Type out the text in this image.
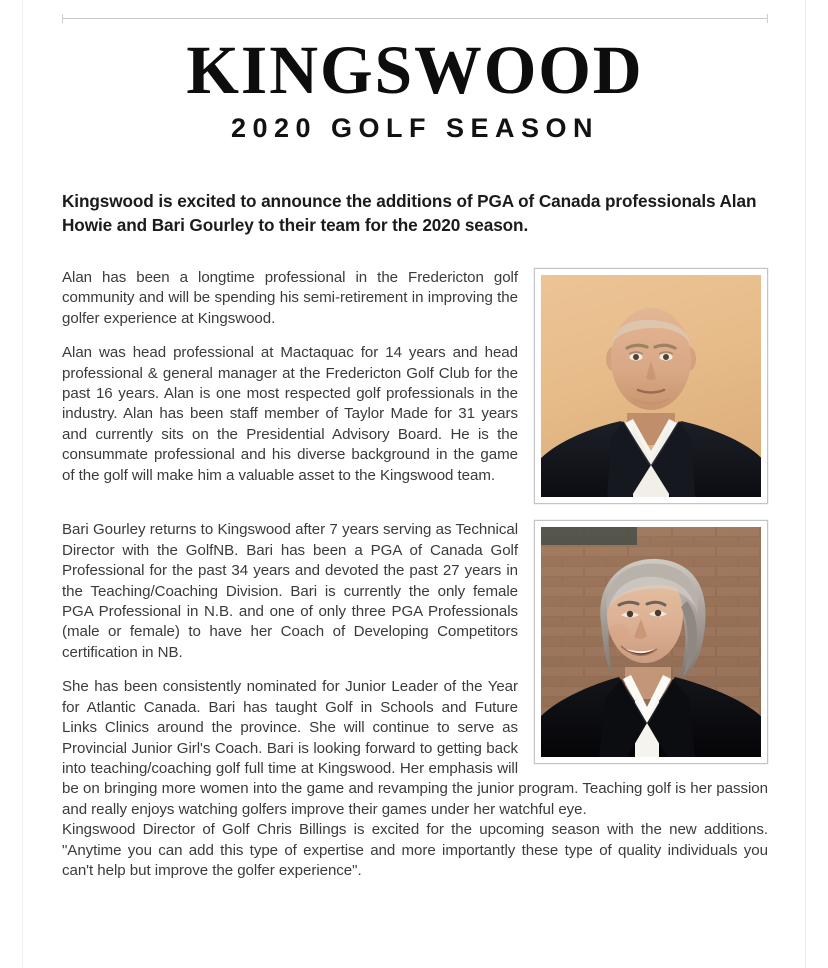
KINGSWOOD
2020 GOLF SEASON

Kingswood is excited to announce the additions of PGA of Canada professionals Alan Howie and Bari Gourley to their team for the 2020 season.

Alan has been a longtime professional in the Fredericton golf community and will be spending his semi-retirement in improving the golfer experience at Kingswood.

Alan was head professional at Mactaquac for 14 years and head professional & general manager at the Fredericton Golf Club for the past 16 years. Alan is one most respected golf professionals in the industry. Alan has been staff member of Taylor Made for 31 years and currently sits on the Presidential Advisory Board. He is the consummate professional and his diverse background in the game of the golf will make him a valuable asset to the Kingswood team.

Bari Gourley returns to Kingswood after 7 years serving as Technical Director with the GolfNB. Bari has been a PGA of Canada Golf Professional for the past 34 years and devoted the past 27 years in the Teaching/Coaching Division. Bari is currently the only female PGA Professional in N.B. and one of only three PGA Professionals (male or female) to have her Coach of Developing Competitors certification in NB.

She has been consistently nominated for Junior Leader of the Year for Atlantic Canada. Bari has taught Golf in Schools and Future Links Clinics around the province. She will continue to serve as Provincial Junior Girl's Coach. Bari is looking forward to getting back into teaching/coaching golf full time at Kingswood. Her emphasis will be on bringing more women into the game and revamping the junior program. Teaching golf is her passion and really enjoys watching golfers improve their games under her watchful eye.

Kingswood Director of Golf Chris Billings is excited for the upcoming season with the new additions. "Anytime you can add this type of expertise and more importantly these type of quality individuals you can't help but improve the golfer experience".
